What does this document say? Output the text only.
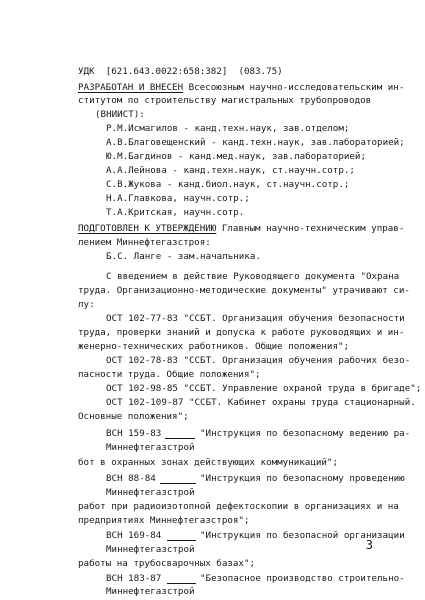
УДК [621.643.0022:658:382]  (083.75)
РАЗРАБОТАН И ВНЕСЕН Всесоюзным научно-исследовательским ин-
ститутом по строительству магистральных трубопроводов
(ВНИИСТ):
Р.М.Исмагилов - канд.техн.наук, зав.отделом;
А.В.Благовещенский - канд.техн.наук, зав.лабораторией;
Ю.М.Багдинов - канд.мед.наук, зав.лабораторией;
А.А.Лейнова - канд.техн.наук, ст.научн.сотр.;
С.В.Жукова - канд.биол.наук, ст.научн.сотр.;
Н.А.Главкова, научн.сотр.;
Т.А.Критская, научн.сотр.
ПОДГОТОВЛЕН К УТВЕРЖДЕНИЮ Главным научно-техническим управ-
лением Миннефтегазстроя:
Б.С. Ланге - зам.начальника.
С введением в действие Руководящего документа "Охрана
труда. Организационно-методические документы" утрачивают си-
лу:
ОСТ 102-77-83 "ССБТ. Организация обучения безопасности
труда, проверки знаний и допуска к работе руководящих и ин-
женерно-технических работников. Общие положения";
ОСТ 102-78-83 "ССБТ. Организация обучения рабочих безо-
пасности труда. Общие положения";
ОСТ 102-98-85 "ССБТ. Управление охраной труда в бригаде";
ОСТ 102-109-87 "ССБТ. Кабинет охраны труда стационарный.
Основные положения";
ВСН 159-83	"Инструкция по безопасному ведению ра-
Миннефтегазстрой
бот в охранных зонах действующих коммуникаций";
ВСН 88-84	"Инструкция по безопасному проведению
Миннефтегазстрой
работ при радиоизотопной дефектоскопии в организациях и на
предприятиях Миннефтегазстроя";
ВСН 169-84	"Инструкция по безопасной организации
Миннефтегазстрой
работы на трубосварочных базах";
ВСН 183-87	"Безопасное производство строительно-
Миннефтегазстрой
3
